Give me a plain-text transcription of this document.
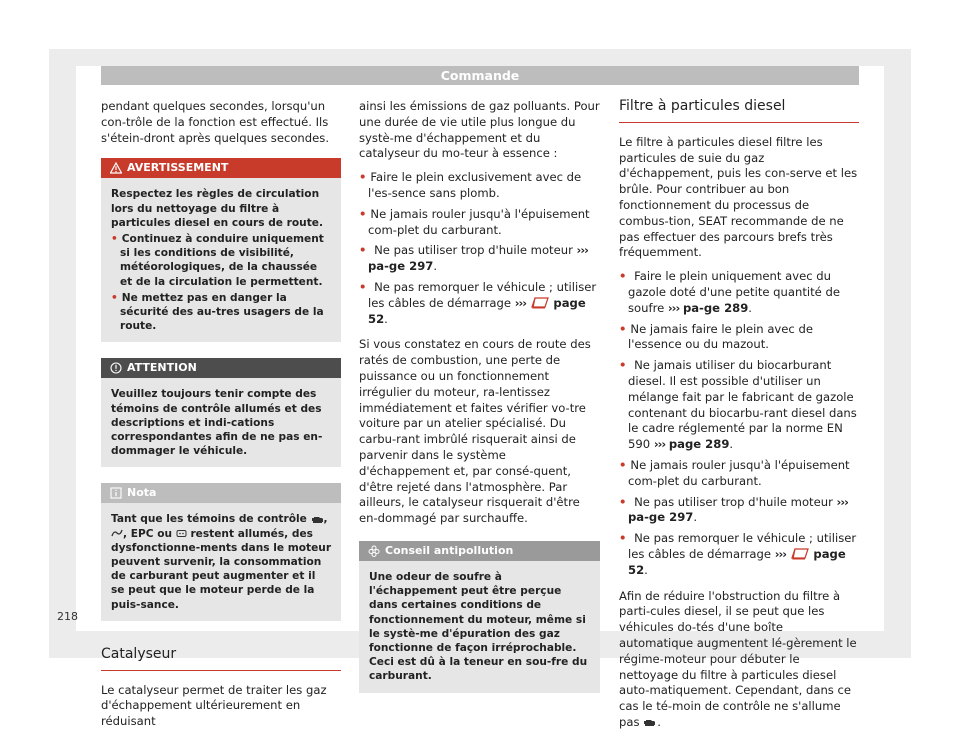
Commande

pendant quelques secondes, lorsqu'un con-trôle de la fonction est effectué. Ils s'étein-dront après quelques secondes.

AVERTISSEMENT

Respectez les règles de circulation lors du nettoyage du filtre à particules diesel en cours de route.

• Continuez à conduire uniquement si les conditions de visibilité, météorologiques, de la chaussée et de la circulation le permettent.

• Ne mettez pas en danger la sécurité des au-tres usagers de la route.

ATTENTION

Veuillez toujours tenir compte des témoins de contrôle allumés et des descriptions et indi-cations correspondantes afin de ne pas en-dommager le véhicule.

Nota

Tant que les témoins de contrôle , , EPC ou restent allumés, des dysfonctionne-ments dans le moteur peuvent survenir, la consommation de carburant peut augmenter et il se peut que le moteur perde de la puis-sance.

Catalyseur

Le catalyseur permet de traiter les gaz d'échappement ultérieurement en réduisant

ainsi les émissions de gaz polluants. Pour une durée de vie utile plus longue du systè-me d'échappement et du catalyseur du mo-teur à essence :

• Faire le plein exclusivement avec de l'es-sence sans plomb.

• Ne jamais rouler jusqu'à l'épuisement com-plet du carburant.

• Ne pas utiliser trop d'huile moteur ››› pa-ge 297.

• Ne pas remorquer le véhicule ; utiliser les câbles de démarrage ››› page 52.

Si vous constatez en cours de route des ratés de combustion, une perte de puissance ou un fonctionnement irrégulier du moteur, ra-lentissez immédiatement et faites vérifier vo-tre voiture par un atelier spécialisé. Du carbu-rant imbrûlé risquerait ainsi de parvenir dans le système d'échappement et, par consé-quent, d'être rejeté dans l'atmosphère. Par ailleurs, le catalyseur risquerait d'être en-dommagé par surchauffe.

Conseil antipollution

Une odeur de soufre à l'échappement peut être perçue dans certaines conditions de fonctionnement du moteur, même si le systè-me d'épuration des gaz fonctionne de façon irréprochable. Ceci est dû à la teneur en sou-fre du carburant.

Filtre à particules diesel

Le filtre à particules diesel filtre les particules de suie du gaz d'échappement, puis les con-serve et les brûle. Pour contribuer au bon fonctionnement du processus de combus-tion, SEAT recommande de ne pas effectuer des parcours brefs très fréquemment.

• Faire le plein uniquement avec du gazole doté d'une petite quantité de soufre ››› pa-ge 289.

• Ne jamais faire le plein avec de l'essence ou du mazout.

• Ne jamais utiliser du biocarburant diesel. Il est possible d'utiliser un mélange fait par le fabricant de gazole contenant du biocarbu-rant diesel dans le cadre réglementé par la norme EN 590 ››› page 289.

• Ne jamais rouler jusqu'à l'épuisement com-plet du carburant.

• Ne pas utiliser trop d'huile moteur ››› pa-ge 297.

• Ne pas remorquer le véhicule ; utiliser les câbles de démarrage ››› page 52.

Afin de réduire l'obstruction du filtre à parti-cules diesel, il se peut que les véhicules do-tés d'une boîte automatique augmentent lé-gèrement le régime-moteur pour débuter le nettoyage du filtre à particules diesel auto-matiquement. Cependant, dans ce cas le té-moin de contrôle ne s'allume pas .

218
